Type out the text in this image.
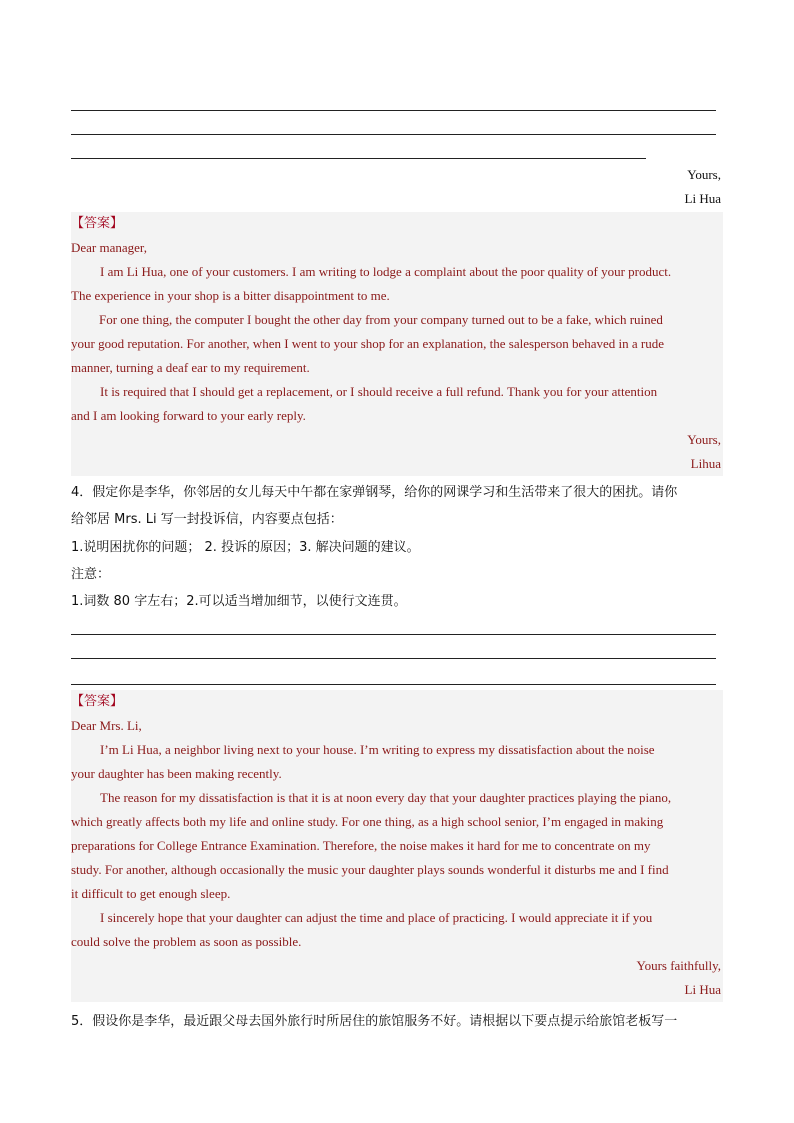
Yours,
Li Hua
【答案】
Dear manager,
I am Li Hua, one of your customers. I am writing to lodge a complaint about the poor quality of your product.
The experience in your shop is a bitter disappointment to me.
For one thing, the computer I bought the other day from your company turned out to be a fake, which ruined
your good reputation. For another, when I went to your shop for an explanation, the salesperson behaved in a rude
manner, turning a deaf ear to my requirement.
It is required that I should get a replacement, or I should receive a full refund. Thank you for your attention
and I am looking forward to your early reply.
Yours,
Lihua
4．假定你是李华，你邻居的女儿每天中午都在家弹钢琴，给你的网课学习和生活带来了很大的困扰。请你
给邻居 Mrs. Li 写一封投诉信，内容要点包括：
1.说明困扰你的问题； 2. 投诉的原因；3. 解决问题的建议。
注意：
1.词数 80 字左右；2.可以适当增加细节，以使行文连贯。
【答案】
Dear Mrs. Li,
I’m Li Hua, a neighbor living next to your house. I’m writing to express my dissatisfaction about the noise
your daughter has been making recently.
The reason for my dissatisfaction is that it is at noon every day that your daughter practices playing the piano,
which greatly affects both my life and online study. For one thing, as a high school senior, I’m engaged in making
preparations for College Entrance Examination. Therefore, the noise makes it hard for me to concentrate on my
study. For another, although occasionally the music your daughter plays sounds wonderful it disturbs me and I find
it difficult to get enough sleep.
I sincerely hope that your daughter can adjust the time and place of practicing. I would appreciate it if you
could solve the problem as soon as possible.
Yours faithfully,
Li Hua
5．假设你是李华，最近跟父母去国外旅行时所居住的旅馆服务不好。请根据以下要点提示给旅馆老板写一
